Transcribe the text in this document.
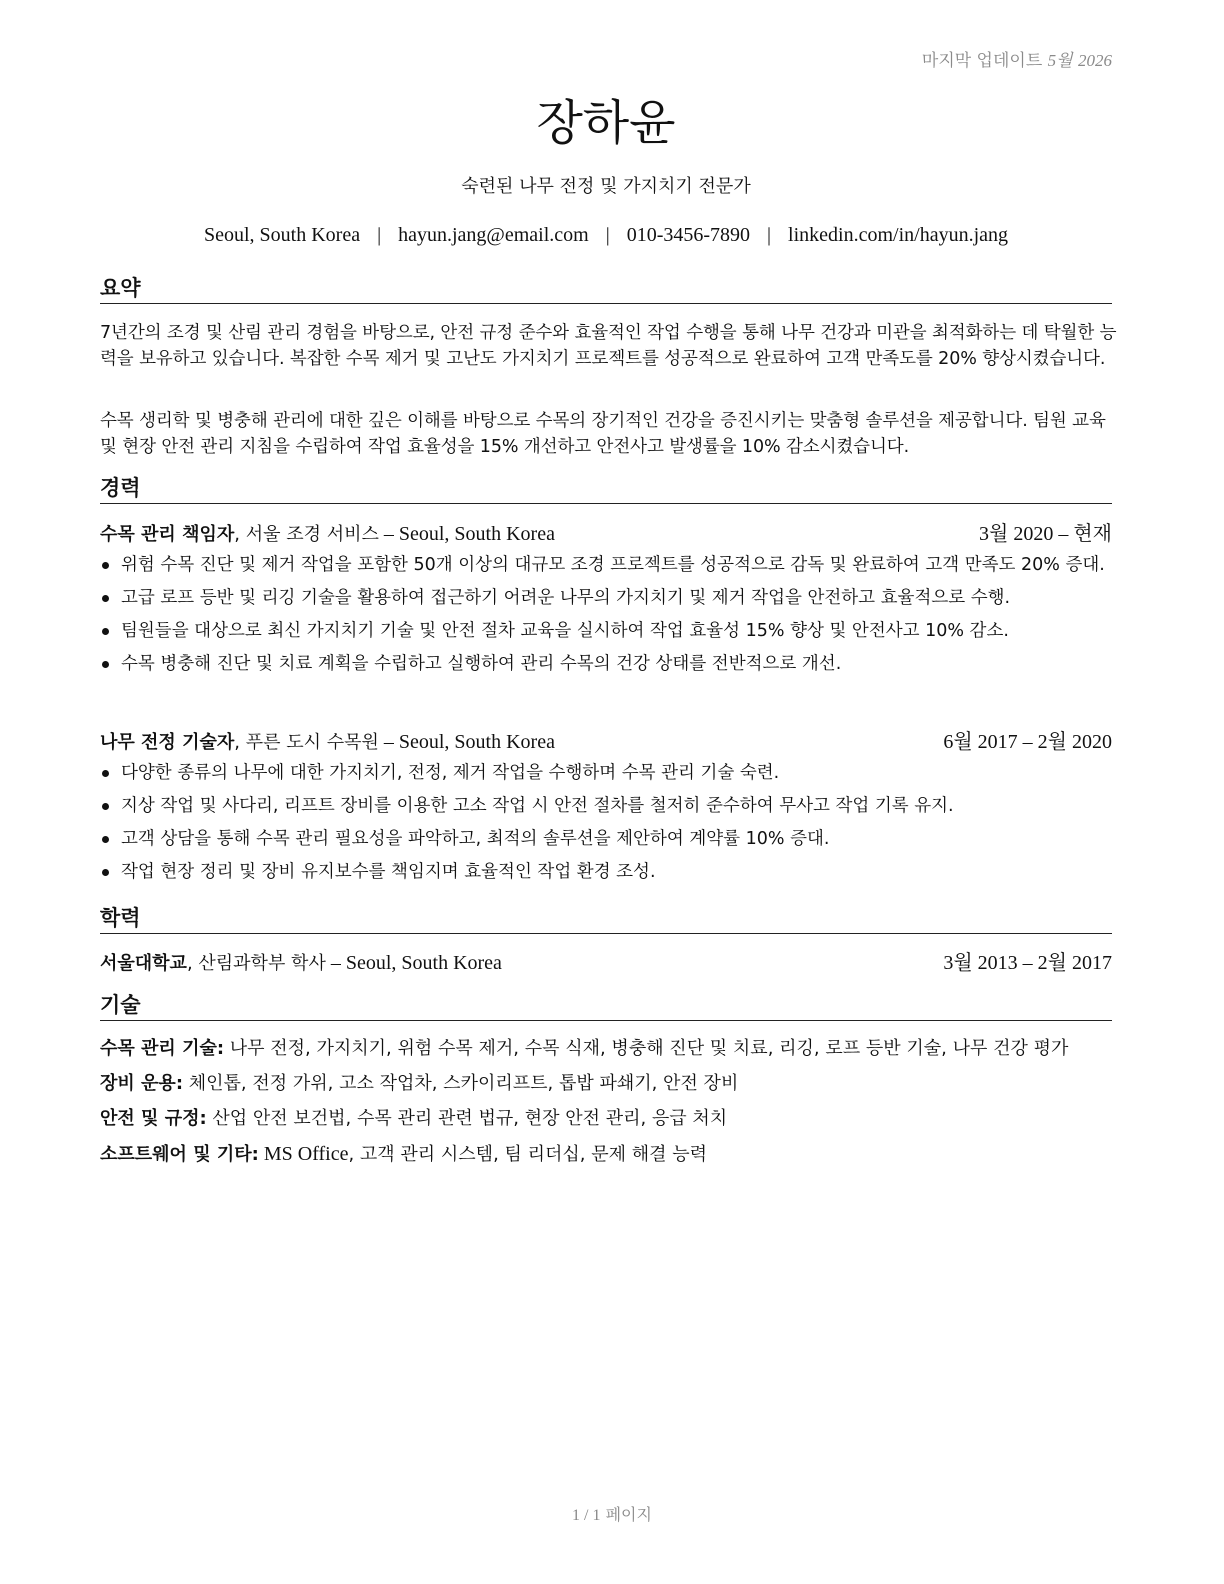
마지막 업데이트 5월 2026
장하윤
숙련된 나무 전정 및 가지치기 전문가
Seoul, South Korea | hayun.jang@email.com | 010-3456-7890 | linkedin.com/in/hayun.jang
요약

7년간의 조경 및 산림 관리 경험을 바탕으로, 안전 규정 준수와 효율적인 작업 수행을 통해 나무 건강과 미관을 최적화하는 데 탁월한 능력을 보유하고 있습니다. 복잡한 수목 제거 및 고난도 가지치기 프로젝트를 성공적으로 완료하여 고객 만족도를 20% 향상시켰습니다.

수목 생리학 및 병충해 관리에 대한 깊은 이해를 바탕으로 수목의 장기적인 건강을 증진시키는 맞춤형 솔루션을 제공합니다. 팀원 교육 및 현장 안전 관리 지침을 수립하여 작업 효율성을 15% 개선하고 안전사고 발생률을 10% 감소시켰습니다.

경력
수목 관리 책임자, 서울 조경 서비스 – Seoul, South Korea	3월 2020 – 현재
위험 수목 진단 및 제거 작업을 포함한 50개 이상의 대규모 조경 프로젝트를 성공적으로 감독 및 완료하여 고객 만족도 20% 증대.
고급 로프 등반 및 리깅 기술을 활용하여 접근하기 어려운 나무의 가지치기 및 제거 작업을 안전하고 효율적으로 수행.
팀원들을 대상으로 최신 가지치기 기술 및 안전 절차 교육을 실시하여 작업 효율성 15% 향상 및 안전사고 10% 감소.
수목 병충해 진단 및 치료 계획을 수립하고 실행하여 관리 수목의 건강 상태를 전반적으로 개선.
나무 전정 기술자, 푸른 도시 수목원 – Seoul, South Korea	6월 2017 – 2월 2020
다양한 종류의 나무에 대한 가지치기, 전정, 제거 작업을 수행하며 수목 관리 기술 숙련.
지상 작업 및 사다리, 리프트 장비를 이용한 고소 작업 시 안전 절차를 철저히 준수하여 무사고 작업 기록 유지.
고객 상담을 통해 수목 관리 필요성을 파악하고, 최적의 솔루션을 제안하여 계약률 10% 증대.
작업 현장 정리 및 장비 유지보수를 책임지며 효율적인 작업 환경 조성.
학력
서울대학교, 산림과학부 학사 – Seoul, South Korea	3월 2013 – 2월 2017
기술
수목 관리 기술: 나무 전정, 가지치기, 위험 수목 제거, 수목 식재, 병충해 진단 및 치료, 리깅, 로프 등반 기술, 나무 건강 평가
장비 운용: 체인톱, 전정 가위, 고소 작업차, 스카이리프트, 톱밥 파쇄기, 안전 장비
안전 및 규정: 산업 안전 보건법, 수목 관리 관련 법규, 현장 안전 관리, 응급 처치
소프트웨어 및 기타: MS Office, 고객 관리 시스템, 팀 리더십, 문제 해결 능력
1 / 1 페이지
